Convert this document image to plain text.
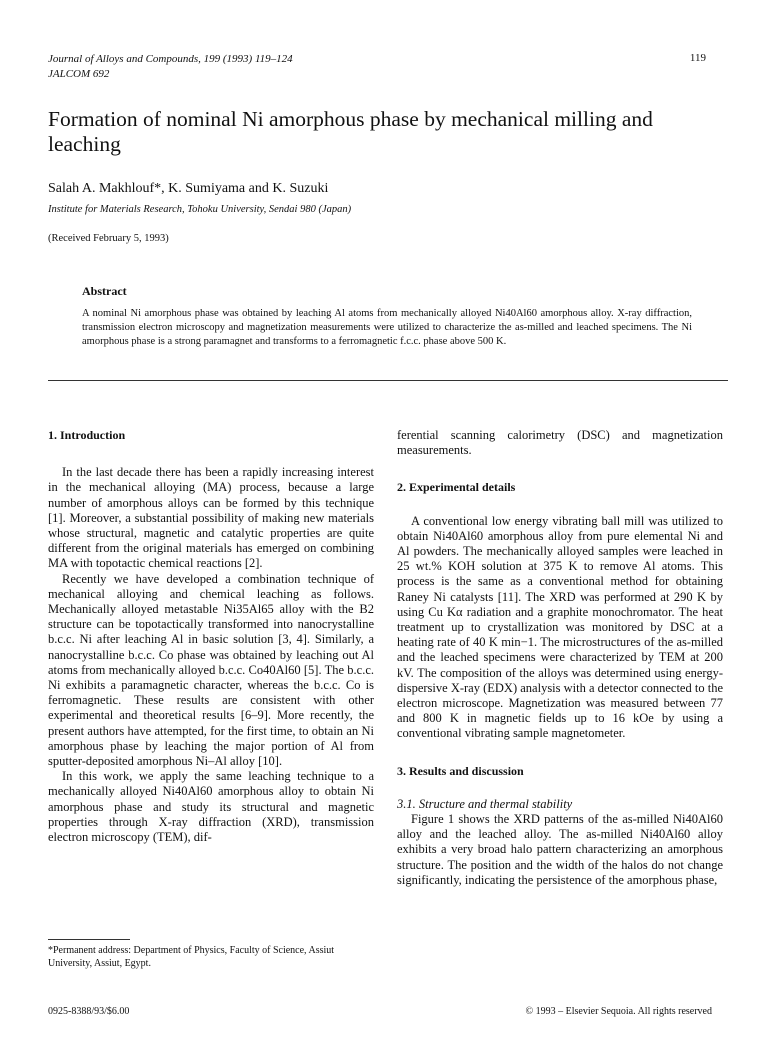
Journal of Alloys and Compounds, 199 (1993) 119–124
JALCOM 692
119
Formation of nominal Ni amorphous phase by mechanical milling and leaching
Salah A. Makhlouf*, K. Sumiyama and K. Suzuki
Institute for Materials Research, Tohoku University, Sendai 980 (Japan)
(Received February 5, 1993)
Abstract
A nominal Ni amorphous phase was obtained by leaching Al atoms from mechanically alloyed Ni40Al60 amorphous alloy. X-ray diffraction, transmission electron microscopy and magnetization measurements were utilized to characterize the as-milled and leached specimens. The Ni amorphous phase is a strong paramagnet and transforms to a ferromagnetic f.c.c. phase above 500 K.
1. Introduction

In the last decade there has been a rapidly increasing interest in the mechanical alloying (MA) process, because a large number of amorphous alloys can be formed by this technique [1]. Moreover, a substantial possibility of making new materials whose structural, magnetic and catalytic properties are quite different from the original materials has emerged on combining MA with topotactic chemical reactions [2].

Recently we have developed a combination technique of mechanical alloying and chemical leaching as follows. Mechanically alloyed metastable Ni35Al65 alloy with the B2 structure can be topotactically transformed into nanocrystalline b.c.c. Ni after leaching Al in basic solution [3, 4]. Similarly, a nanocrystalline b.c.c. Co phase was obtained by leaching out Al atoms from mechanically alloyed b.c.c. Co40Al60 [5]. The b.c.c. Ni exhibits a paramagnetic character, whereas the b.c.c. Co is ferromagnetic. These results are consistent with other experimental and theoretical results [6–9]. More recently, the present authors have attempted, for the first time, to obtain an Ni amorphous phase by leaching the major portion of Al from sputter-deposited amorphous Ni–Al alloy [10].

In this work, we apply the same leaching technique to a mechanically alloyed Ni40Al60 amorphous alloy to obtain Ni amorphous phase and study its structural and magnetic properties through X-ray diffraction (XRD), transmission electron microscopy (TEM), dif-

ferential scanning calorimetry (DSC) and magnetization measurements.

2. Experimental details

A conventional low energy vibrating ball mill was utilized to obtain Ni40Al60 amorphous alloy from pure elemental Ni and Al powders. The mechanically alloyed samples were leached in 25 wt.% KOH solution at 375 K to remove Al atoms. This process is the same as a conventional method for obtaining Raney Ni catalysts [11]. The XRD was performed at 290 K by using Cu Kα radiation and a graphite monochromator. The heat treatment up to crystallization was monitored by DSC at a heating rate of 40 K min−1. The microstructures of the as-milled and the leached specimens were characterized by TEM at 200 kV. The composition of the alloys was determined using energy-dispersive X-ray (EDX) analysis with a detector connected to the electron microscope. Magnetization was measured between 77 and 800 K in magnetic fields up to 16 kOe by using a conventional vibrating sample magnetometer.

3. Results and discussion
3.1. Structure and thermal stability

Figure 1 shows the XRD patterns of the as-milled Ni40Al60 alloy and the leached alloy. The as-milled Ni40Al60 alloy exhibits a very broad halo pattern characterizing an amorphous structure. The position and the width of the halos do not change significantly, indicating the persistence of the amorphous phase,

*Permanent address: Department of Physics, Faculty of Science, Assiut University, Assiut, Egypt.
0925-8388/93/$6.00	© 1993 – Elsevier Sequoia. All rights reserved
